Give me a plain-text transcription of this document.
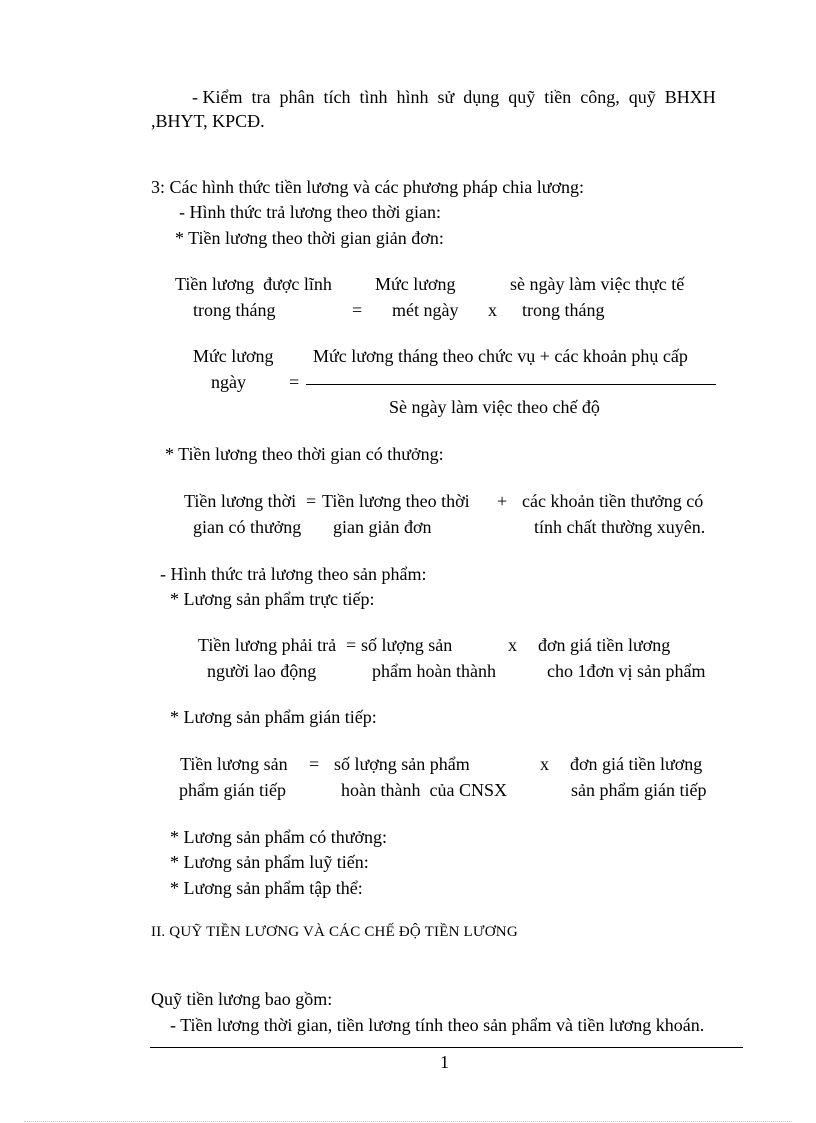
- Kiểm  tra  phân  tích  tình  hình  sử  dụng  quỹ  tiền  công,  quỹ  BHXH
,BHYT, KPCĐ.
3: Các hình thức tiền lương và các phương pháp chia lương:
- Hình thức trả lương theo thời gian:
* Tiền lương theo thời gian giản đơn:
Tiền lương  được lĩnh
trong tháng	=
Mức lương
mét ngày x
sè ngày làm việc thực tế
trong tháng
Mức lương
ngày =
Mức lương tháng theo chức vụ + các khoản phụ cấp
Sè ngày làm việc theo chế độ
* Tiền lương theo thời gian có thưởng:
Tiền lương thời
gian có thưởng
= Tiền lương theo thời
gian giản đơn
+ các khoản tiền thưởng có
tính chất thường xuyên.
- Hình thức trả lương theo sản phẩm:
* Lương sản phẩm trực tiếp:
Tiền lương phải trả
người lao động
= số lượng sản
phẩm hoàn thành
x đơn giá tiền lương
cho 1đơn vị sản phẩm
* Lương sản phẩm gián tiếp:
Tiền lương sản
phẩm gián tiếp
= số lượng sản phẩm
hoàn thành  của CNSX
x đơn giá tiền lương
sản phẩm gián tiếp
* Lương sản phẩm có thưởng:
* Lương sản phẩm luỹ tiến:
* Lương sản phẩm tập thể:
II. QUỸ TIỀN LƯƠNG VÀ CÁC CHẾ ĐỘ TIỀN LƯƠNG
Quỹ tiền lương bao gồm:
- Tiền lương thời gian, tiền lương tính theo sản phẩm và tiền lương khoán.
1
